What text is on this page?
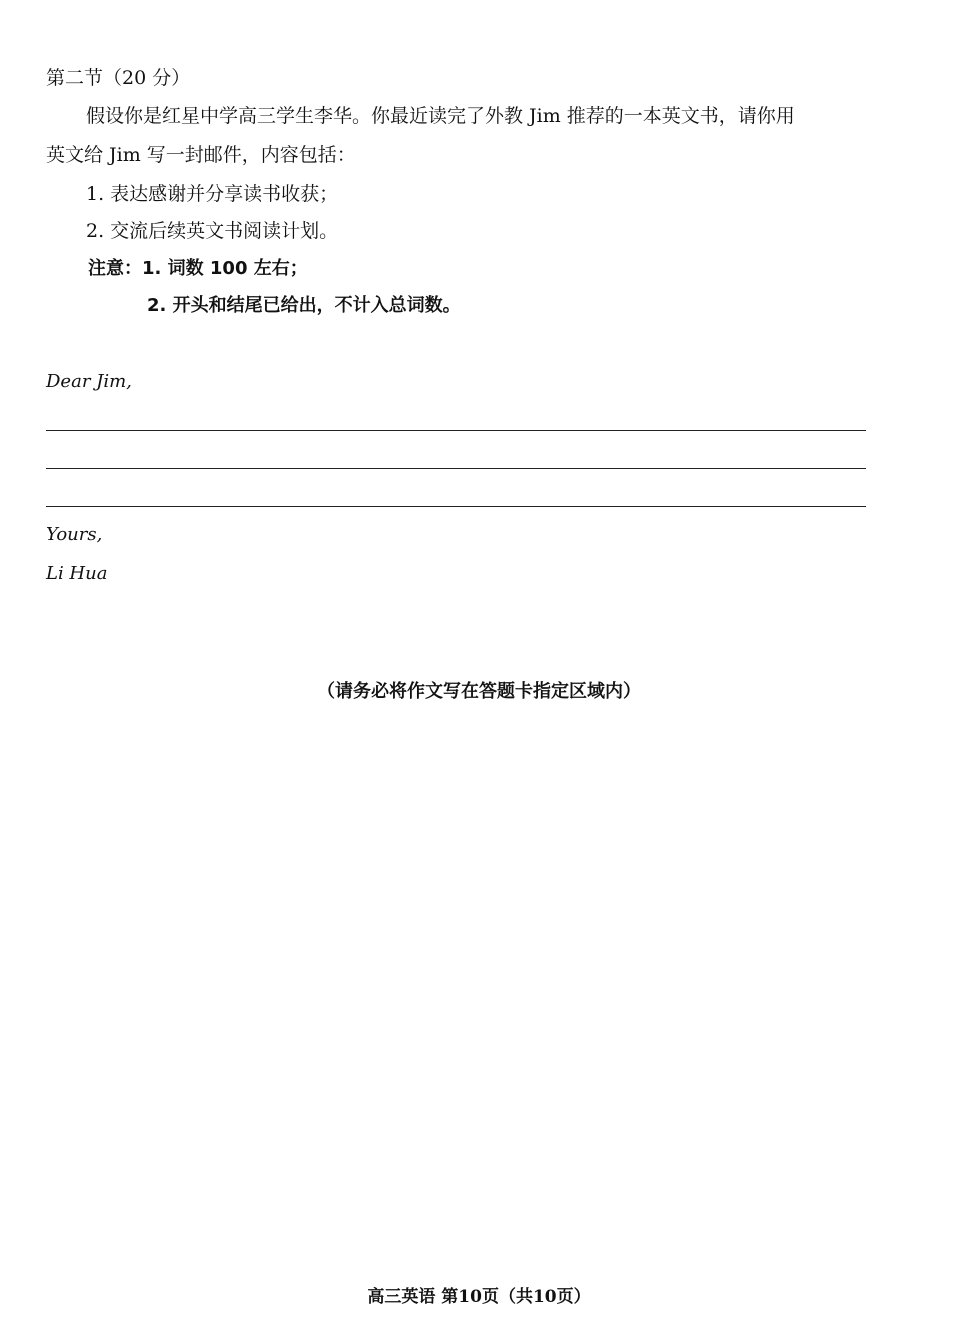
第二节（20 分）
假设你是红星中学高三学生李华。你最近读完了外教 Jim 推荐的一本英文书，请你用
英文给 Jim 写一封邮件，内容包括：
1. 表达感谢并分享读书收获；
2. 交流后续英文书阅读计划。
注意：1. 词数 100 左右；
2. 开头和结尾已给出，不计入总词数。
Dear Jim,
Yours,
Li Hua
（请务必将作文写在答题卡指定区域内）
高三英语 第10页（共10页）
